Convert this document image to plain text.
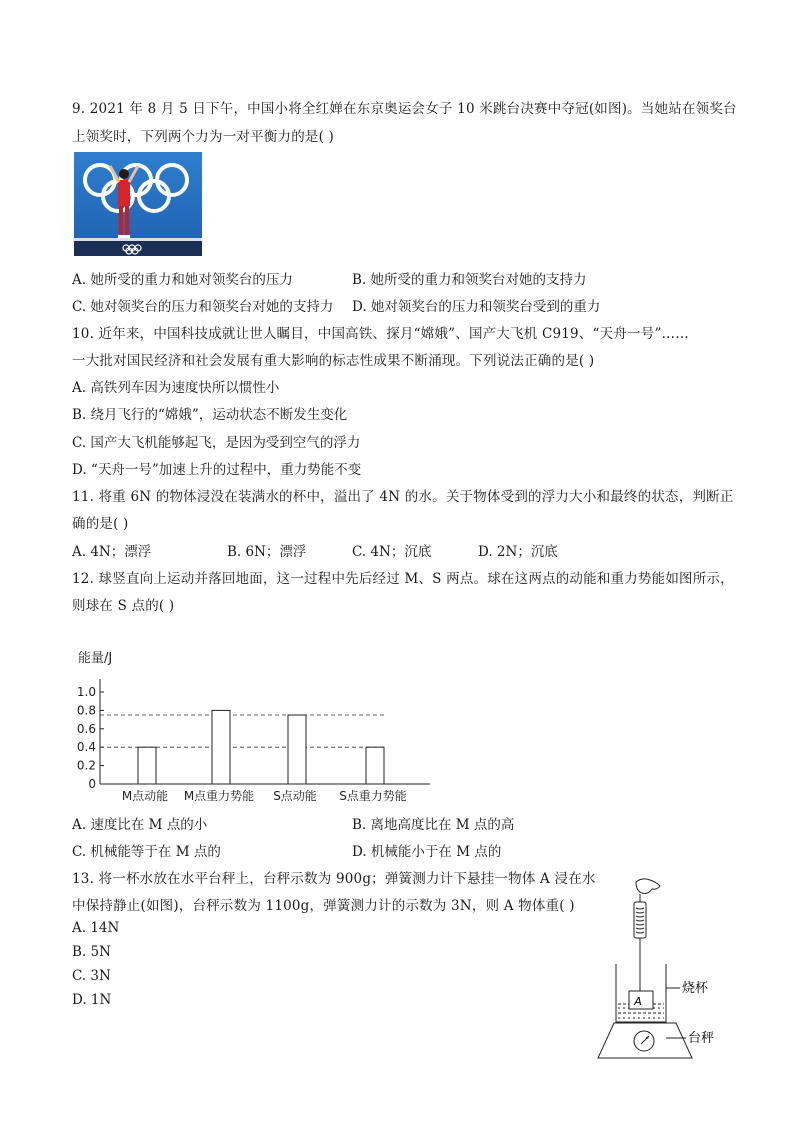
9. 2021 年 8 月 5 日下午，中国小将全红婵在东京奥运会女子 10 米跳台决赛中夺冠(如图)。当她站在领奖台
上领奖时，下列两个力为一对平衡力的是( )
A. 她所受的重力和她对领奖台的压力	B. 她所受的重力和领奖台对她的支持力
C. 她对领奖台的压力和领奖台对她的支持力 D. 她对领奖台的压力和领奖台受到的重力
10. 近年来，中国科技成就让世人瞩目，中国高铁、探月“嫦娥”、国产大飞机 C919、“天舟一号”……
一大批对国民经济和社会发展有重大影响的标志性成果不断涌现。下列说法正确的是( )
A. 高铁列车因为速度快所以惯性小
B. 绕月飞行的“嫦娥”，运动状态不断发生变化
C. 国产大飞机能够起飞，是因为受到空气的浮力
D. “天舟一号”加速上升的过程中，重力势能不变
11. 将重 6N 的物体浸没在装满水的杯中，溢出了 4N 的水。关于物体受到的浮力大小和最终的状态，判断正
确的是( )
A. 4N；漂浮	B. 6N；漂浮	C. 4N；沉底	D. 2N；沉底
12. 球竖直向上运动并落回地面，这一过程中先后经过 M、S 两点。球在这两点的动能和重力势能如图所示，
则球在 S 点的( )
能量/J
1.0
0.8
0.6
0.4
0.2
0
M点动能 M点重力势能 S点动能 S点重力势能
A. 速度比在 M 点的小	B. 离地高度比在 M 点的高
C. 机械能等于在 M 点的	D. 机械能小于在 M 点的
13. 将一杯水放在水平台秤上，台秤示数为 900g；弹簧测力计下悬挂一物体 A 浸在水
中保持静止(如图)，台秤示数为 1100g，弹簧测力计的示数为 3N，则 A 物体重( )
A. 14N
B. 5N
C. 3N
D. 1N	A
烧杯
台秤
